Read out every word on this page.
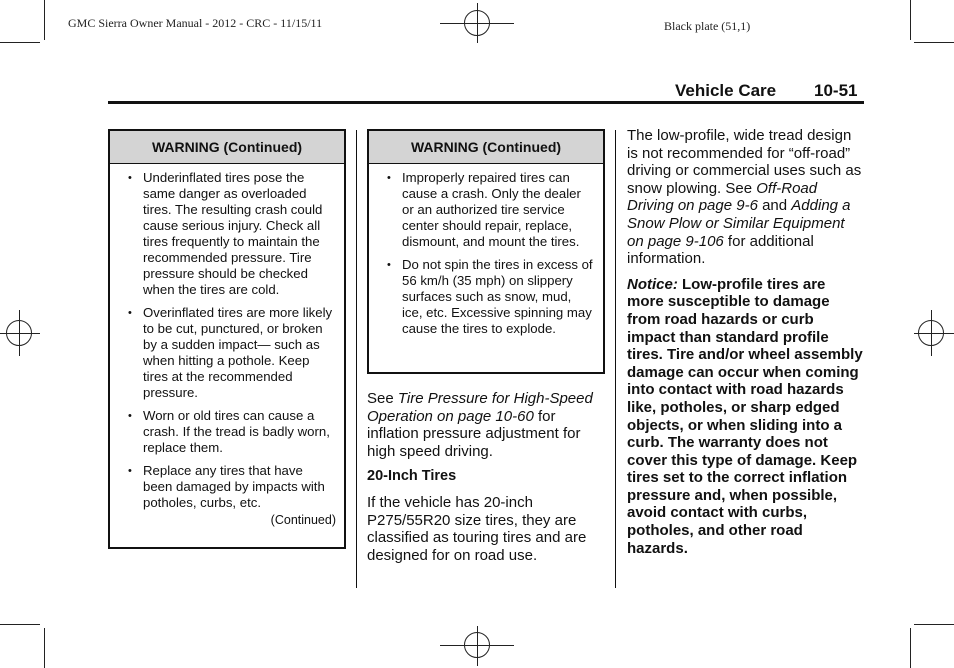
GMC Sierra Owner Manual - 2012 - CRC - 11/15/11	Black plate (51,1)
Vehicle Care 10-51
WARNING (Continued)
• Underinflated tires pose the same danger as overloaded tires. The resulting crash could cause serious injury. Check all tires frequently to maintain the recommended pressure. Tire pressure should be checked when the tires are cold.
• Overinflated tires are more likely to be cut, punctured, or broken by a sudden impact— such as when hitting a pothole. Keep tires at the recommended pressure.
• Worn or old tires can cause a crash. If the tread is badly worn, replace them.
• Replace any tires that have been damaged by impacts with potholes, curbs, etc.
(Continued)
WARNING (Continued)
• Improperly repaired tires can cause a crash. Only the dealer or an authorized tire service center should repair, replace, dismount, and mount the tires.
• Do not spin the tires in excess of 56 km/h (35 mph) on slippery surfaces such as snow, mud, ice, etc. Excessive spinning may cause the tires to explode.

See Tire Pressure for High-Speed Operation on page 10-60 for inflation pressure adjustment for high speed driving.

20-Inch Tires

If the vehicle has 20-inch P275/55R20 size tires, they are classified as touring tires and are designed for on road use.

The low-profile, wide tread design is not recommended for “off-road” driving or commercial uses such as snow plowing. See Off-Road Driving on page 9-6 and Adding a Snow Plow or Similar Equipment on page 9-106 for additional information.

Notice: Low-profile tires are more susceptible to damage from road hazards or curb impact than standard profile tires. Tire and/or wheel assembly damage can occur when coming into contact with road hazards like, potholes, or sharp edged objects, or when sliding into a curb. The warranty does not cover this type of damage. Keep tires set to the correct inflation pressure and, when possible, avoid contact with curbs, potholes, and other road hazards.
